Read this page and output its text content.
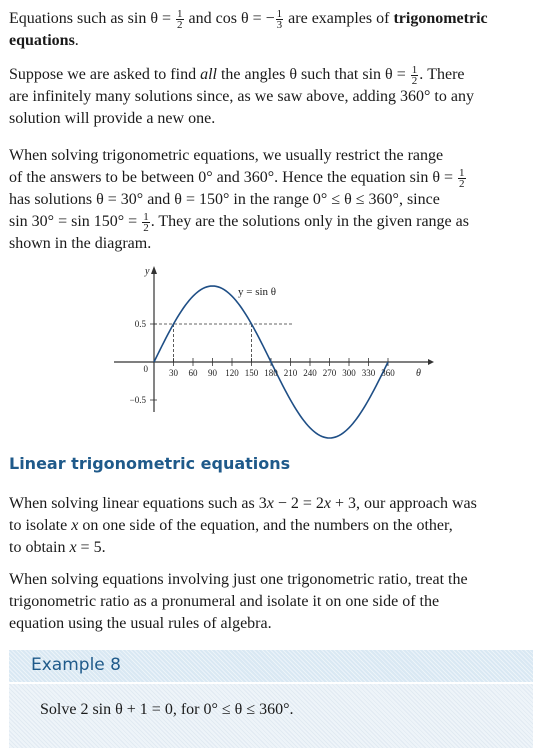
Equations such as $\sin \theta = \frac{1}{2}$ and cos θ = − $\frac{1}{3}$ are examples of trigonometric
equations.
Suppose we are asked to find all the angles θ such that $\sin \theta = \frac{1}{2}$ . There
are infinitely many solutions since, as we saw above, adding 360° to any
solution will provide a new one.
When solving trigonometric equations, we usually restrict the range
of the answers to be between 0° and 360°. Hence the equation $\sin \theta = \frac{1}{2}$

has solutions θ = 30° and θ = 150° in the range 0° ≤ θ ≤ 360°, since
$\sin 30^\circ = \sin 150^\circ = \frac{1}{2}$ . They are the solutions only in the given range as
shown in the diagram.
30 60 90 120 150 180 210 240 270 300 330 360
0.5
−0.5
0
y
θ
y = sin θ
Linear trigonometric equations
When solving linear equations such as 3x − 2 = 2x + 3, our approach was
to isolate x on one side of the equation, and the numbers on the other,
to obtain x = 5.
When solving equations involving just one trigonometric ratio, treat the
trigonometric ratio as a pronumeral and isolate it on one side of the
equation using the usual rules of algebra.
Example 8
Solve 2 sin θ + 1 = 0, for 0° ≤ θ ≤ 360°.
